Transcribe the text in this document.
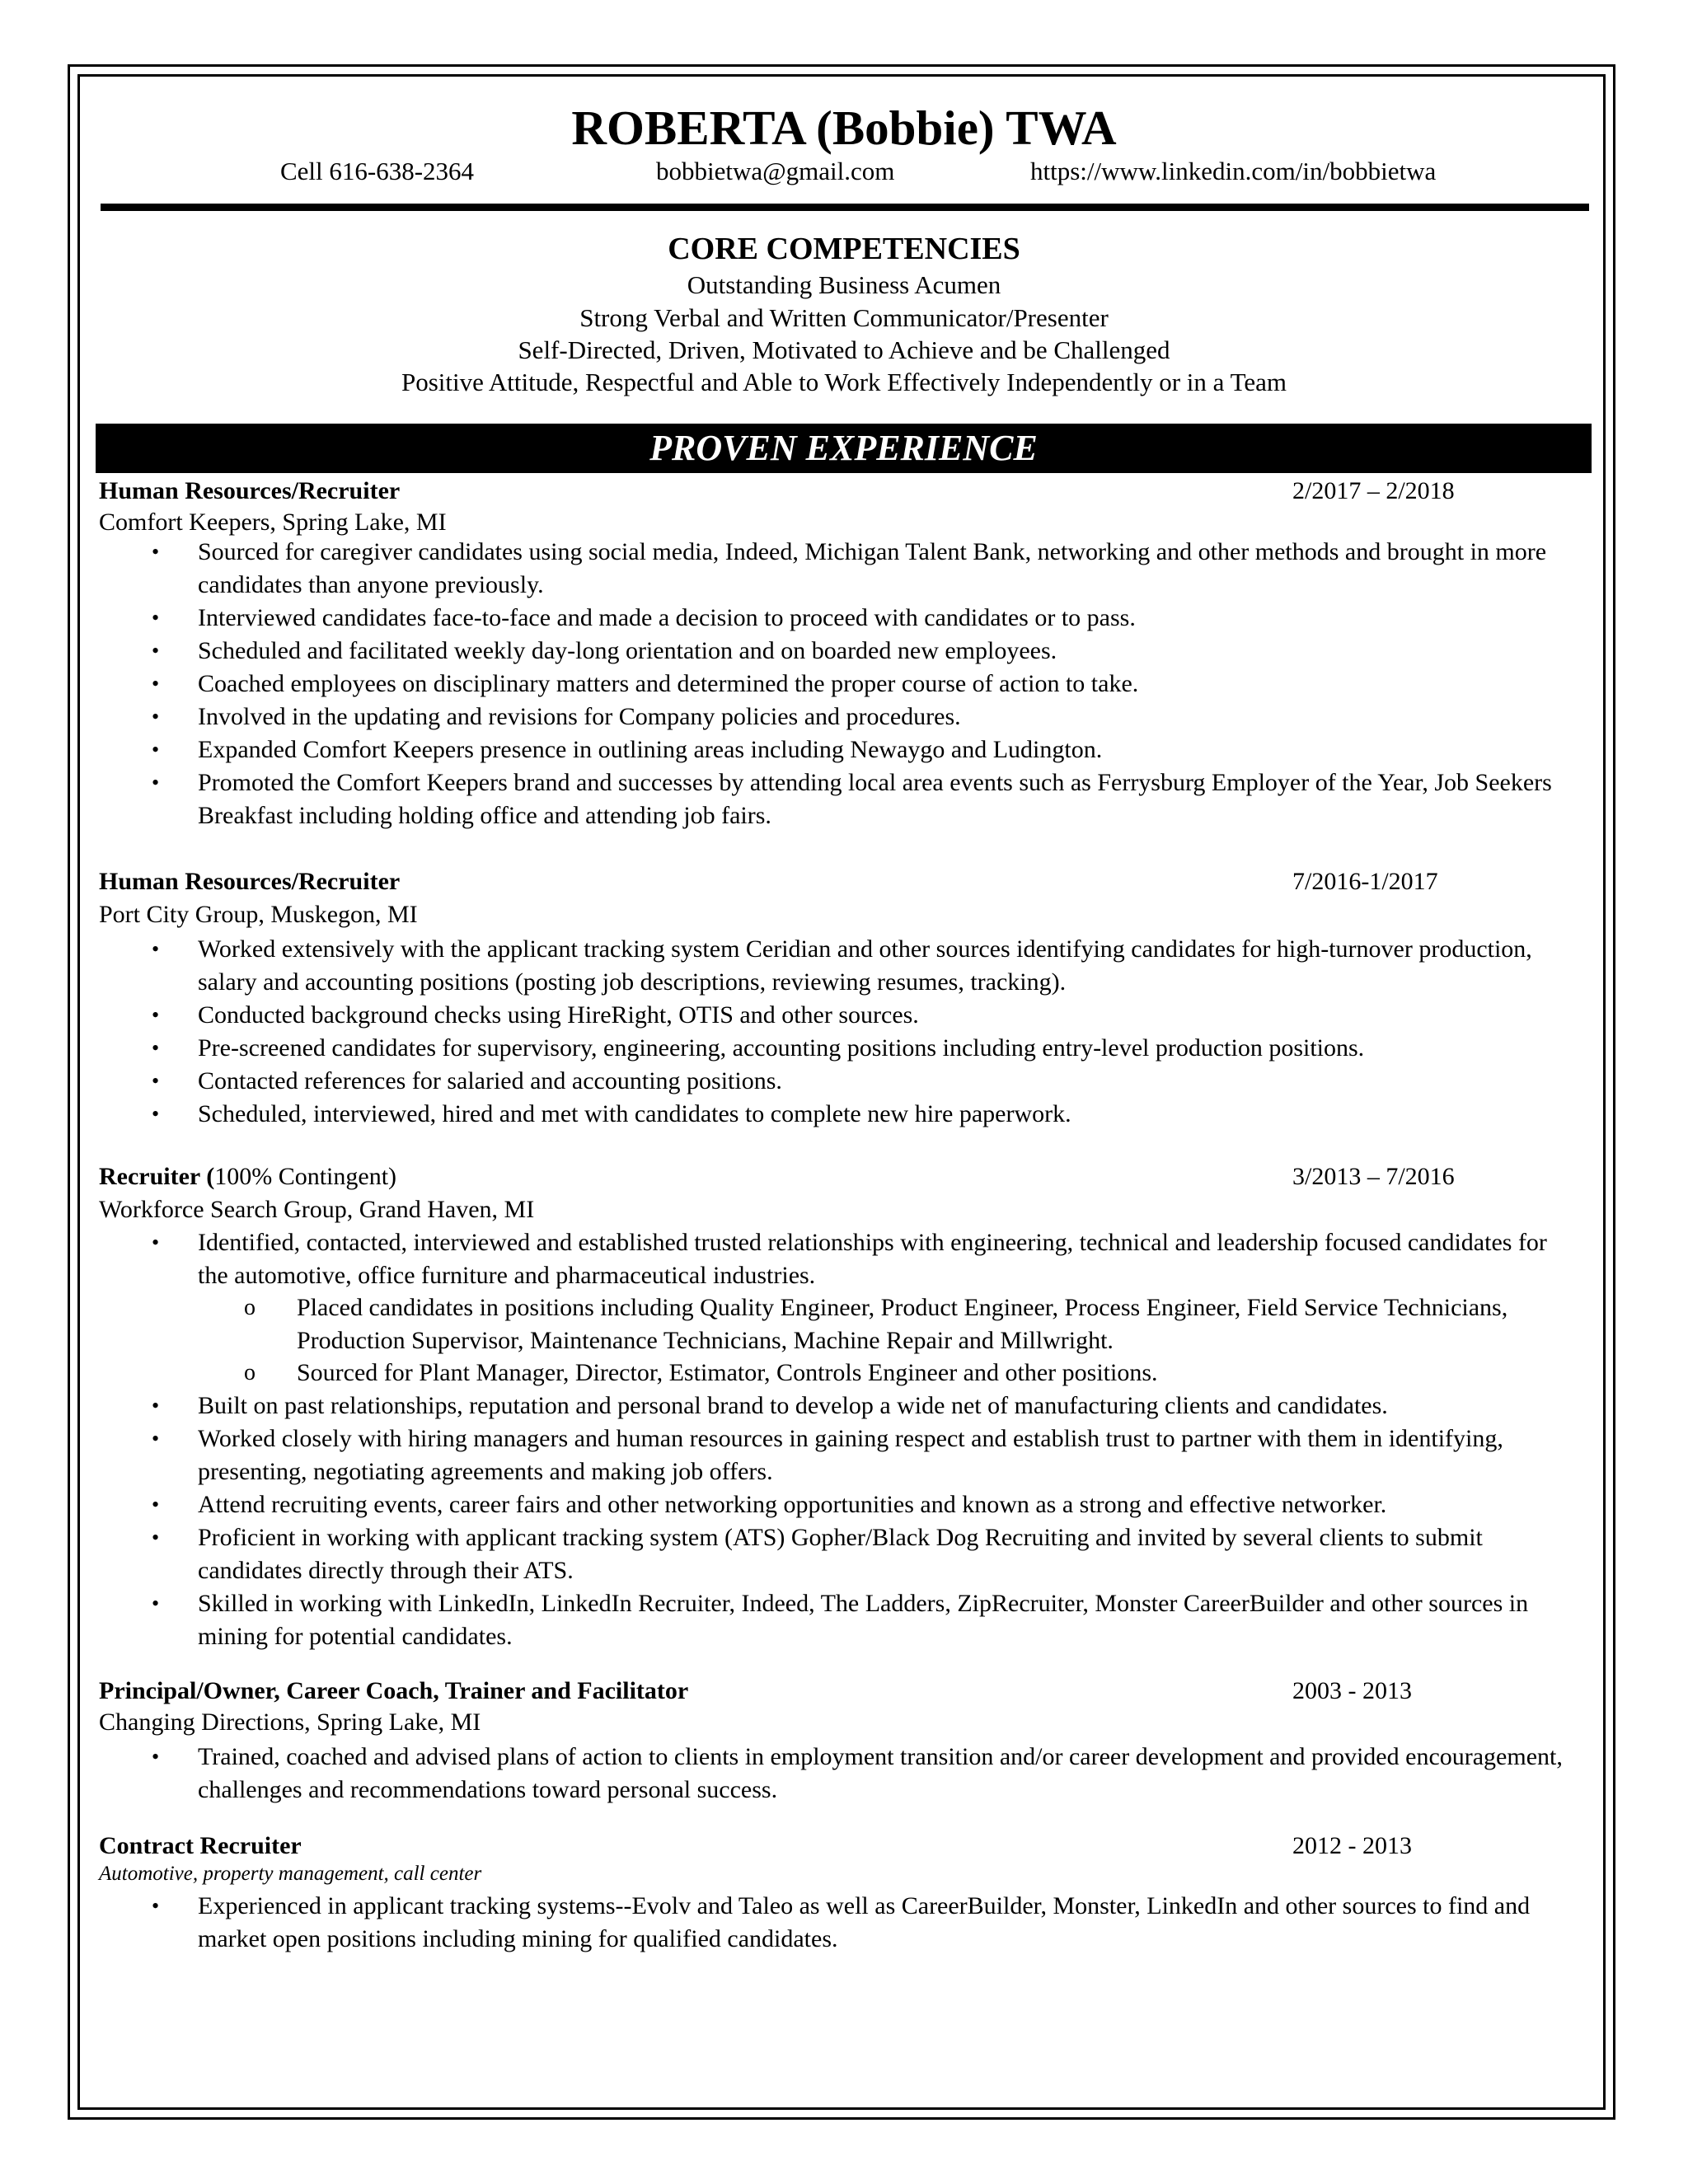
ROBERTA (Bobbie) TWA
Cell 616-638-2364	bobbietwa@gmail.com	https://www.linkedin.com/in/bobbietwa
CORE COMPETENCIES
Outstanding Business Acumen
Strong Verbal and Written Communicator/Presenter
Self-Directed, Driven, Motivated to Achieve and be Challenged
Positive Attitude, Respectful and Able to Work Effectively Independently or in a Team
PROVEN EXPERIENCE
Human Resources/Recruiter	2/2017 – 2/2018
Comfort Keepers, Spring Lake, MI
• Sourced for caregiver candidates using social media, Indeed, Michigan Talent Bank, networking and other methods and brought in more candidates than anyone previously.
• Interviewed candidates face-to-face and made a decision to proceed with candidates or to pass.
• Scheduled and facilitated weekly day-long orientation and on boarded new employees.
• Coached employees on disciplinary matters and determined the proper course of action to take.
• Involved in the updating and revisions for Company policies and procedures.
• Expanded Comfort Keepers presence in outlining areas including Newaygo and Ludington.
• Promoted the Comfort Keepers brand and successes by attending local area events such as Ferrysburg Employer of the Year, Job Seekers Breakfast including holding office and attending job fairs.
Human Resources/Recruiter	7/2016-1/2017
Port City Group, Muskegon, MI
• Worked extensively with the applicant tracking system Ceridian and other sources identifying candidates for high-turnover production, salary and accounting positions (posting job descriptions, reviewing resumes, tracking).
• Conducted background checks using HireRight, OTIS and other sources.
• Pre-screened candidates for supervisory, engineering, accounting positions including entry-level production positions.
• Contacted references for salaried and accounting positions.
• Scheduled, interviewed, hired and met with candidates to complete new hire paperwork.
Recruiter (100% Contingent)	3/2013 – 7/2016
Workforce Search Group, Grand Haven, MI
• Identified, contacted, interviewed and established trusted relationships with engineering, technical and leadership focused candidates for the automotive, office furniture and pharmaceutical industries.
o Placed candidates in positions including Quality Engineer, Product Engineer, Process Engineer, Field Service Technicians, Production Supervisor, Maintenance Technicians, Machine Repair and Millwright.
o Sourced for Plant Manager, Director, Estimator, Controls Engineer and other positions.
• Built on past relationships, reputation and personal brand to develop a wide net of manufacturing clients and candidates.
• Worked closely with hiring managers and human resources in gaining respect and establish trust to partner with them in identifying, presenting, negotiating agreements and making job offers.
• Attend recruiting events, career fairs and other networking opportunities and known as a strong and effective networker.
• Proficient in working with applicant tracking system (ATS) Gopher/Black Dog Recruiting and invited by several clients to submit candidates directly through their ATS.
• Skilled in working with LinkedIn, LinkedIn Recruiter, Indeed, The Ladders, ZipRecruiter, Monster CareerBuilder and other sources in mining for potential candidates.
Principal/Owner, Career Coach, Trainer and Facilitator	2003 - 2013
Changing Directions, Spring Lake, MI
• Trained, coached and advised plans of action to clients in employment transition and/or career development and provided encouragement, challenges and recommendations toward personal success.
Contract Recruiter	2012 - 2013
Automotive, property management, call center
• Experienced in applicant tracking systems--Evolv and Taleo as well as CareerBuilder, Monster, LinkedIn and other sources to find and market open positions including mining for qualified candidates.
